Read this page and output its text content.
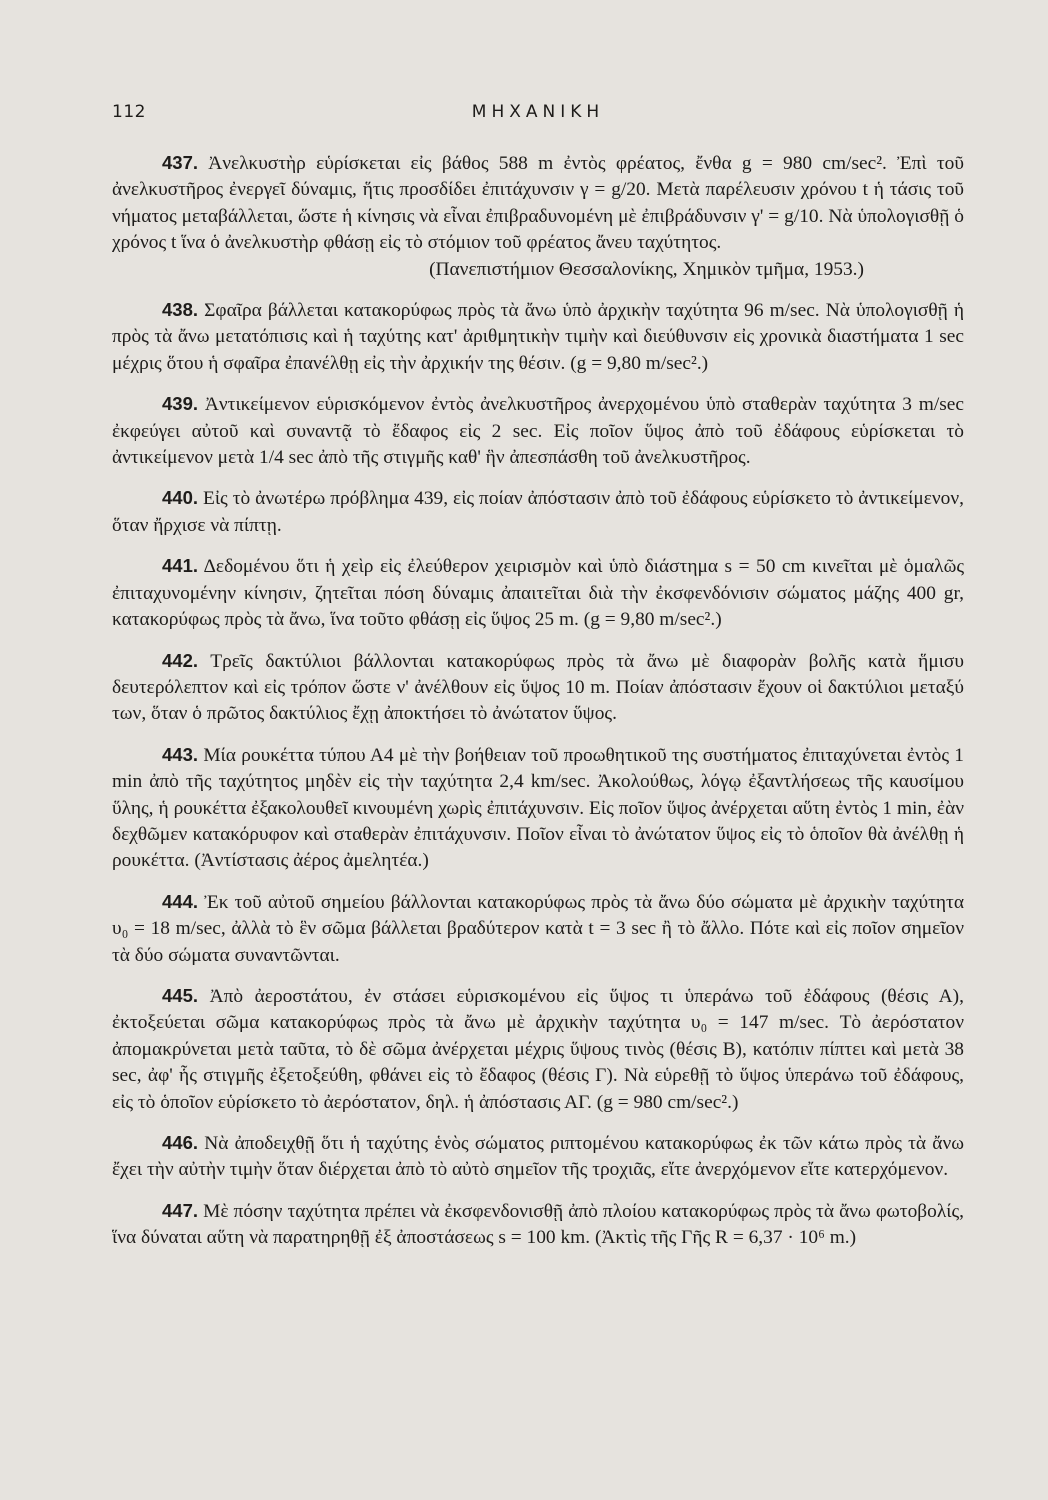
112	ΜΗΧΑΝΙΚΗ

437. Ἀνελκυστὴρ εὑρίσκεται εἰς βάθος 588 m ἐντὸς φρέατος, ἔνθα g = 980 cm/sec². Ἐπὶ τοῦ ἀνελκυστῆρος ἐνεργεῖ δύναμις, ἥτις προσδίδει ἐπιτάχυνσιν γ = g/20. Μετὰ παρέλευσιν χρόνου t ἡ τάσις τοῦ νήματος μεταβάλλεται, ὥστε ἡ κίνησις νὰ εἶναι ἐπιβραδυνομένη μὲ ἐπιβράδυνσιν γ' = g/10. Νὰ ὑπολογισθῇ ὁ χρόνος t ἵνα ὁ ἀνελκυστὴρ φθάσῃ εἰς τὸ στόμιον τοῦ φρέατος ἄνευ ταχύτητος.
(Πανεπιστήμιον Θεσσαλονίκης, Χημικὸν τμῆμα, 1953.)

438. Σφαῖρα βάλλεται κατακορύφως πρὸς τὰ ἄνω ὑπὸ ἀρχικὴν ταχύτητα 96 m/sec. Νὰ ὑπολογισθῇ ἡ πρὸς τὰ ἄνω μετατόπισις καὶ ἡ ταχύτης κατ' ἀριθμητικὴν τιμὴν καὶ διεύθυνσιν εἰς χρονικὰ διαστήματα 1 sec μέχρις ὅτου ἡ σφαῖρα ἐπανέλθῃ εἰς τὴν ἀρχικήν της θέσιν. (g = 9,80 m/sec².)

439. Ἀντικείμενον εὑρισκόμενον ἐντὸς ἀνελκυστῆρος ἀνερχομένου ὑπὸ σταθερὰν ταχύτητα 3 m/sec ἐκφεύγει αὐτοῦ καὶ συναντᾷ τὸ ἔδαφος εἰς 2 sec. Εἰς ποῖον ὕψος ἀπὸ τοῦ ἐδάφους εὑρίσκεται τὸ ἀντικείμενον μετὰ 1/4 sec ἀπὸ τῆς στιγμῆς καθ' ἣν ἀπεσπάσθη τοῦ ἀνελκυστῆρος.

440. Εἰς τὸ ἀνωτέρω πρόβλημα 439, εἰς ποίαν ἀπόστασιν ἀπὸ τοῦ ἐδάφους εὑρίσκετο τὸ ἀντικείμενον, ὅταν ἤρχισε νὰ πίπτῃ.

441. Δεδομένου ὅτι ἡ χεὶρ εἰς ἐλεύθερον χειρισμὸν καὶ ὑπὸ διάστημα s = 50 cm κινεῖται μὲ ὁμαλῶς ἐπιταχυνομένην κίνησιν, ζητεῖται πόση δύναμις ἀπαιτεῖται διὰ τὴν ἐκσφενδόνισιν σώματος μάζης 400 gr, κατακορύφως πρὸς τὰ ἄνω, ἵνα τοῦτο φθάσῃ εἰς ὕψος 25 m. (g = 9,80 m/sec².)

442. Τρεῖς δακτύλιοι βάλλονται κατακορύφως πρὸς τὰ ἄνω μὲ διαφορὰν βολῆς κατὰ ἥμισυ δευτερόλεπτον καὶ εἰς τρόπον ὥστε ν' ἀνέλθουν εἰς ὕψος 10 m. Ποίαν ἀπόστασιν ἔχουν οἱ δακτύλιοι μεταξύ των, ὅταν ὁ πρῶτος δακτύλιος ἔχῃ ἀποκτήσει τὸ ἀνώτατον ὕψος.

443. Μία ρουκέττα τύπου Α4 μὲ τὴν βοήθειαν τοῦ προωθητικοῦ της συστήματος ἐπιταχύνεται ἐντὸς 1 min ἀπὸ τῆς ταχύτητος μηδὲν εἰς τὴν ταχύτητα 2,4 km/sec. Ἀκολούθως, λόγῳ ἐξαντλήσεως τῆς καυσίμου ὕλης, ἡ ρουκέττα ἐξακολουθεῖ κινουμένη χωρὶς ἐπιτάχυνσιν. Εἰς ποῖον ὕψος ἀνέρχεται αὕτη ἐντὸς 1 min, ἐὰν δεχθῶμεν κατακόρυφον καὶ σταθερὰν ἐπιτάχυνσιν. Ποῖον εἶναι τὸ ἀνώτατον ὕψος εἰς τὸ ὁποῖον θὰ ἀνέλθῃ ἡ ρουκέττα. (Ἀντίστασις ἀέρος ἀμελητέα.)

444. Ἐκ τοῦ αὐτοῦ σημείου βάλλονται κατακορύφως πρὸς τὰ ἄνω δύο σώματα μὲ ἀρχικὴν ταχύτητα υ₀ = 18 m/sec, ἀλλὰ τὸ ἓν σῶμα βάλλεται βραδύτερον κατὰ t = 3 sec ἢ τὸ ἄλλο. Πότε καὶ εἰς ποῖον σημεῖον τὰ δύο σώματα συναντῶνται.

445. Ἀπὸ ἀεροστάτου, ἐν στάσει εὑρισκομένου εἰς ὕψος τι ὑπεράνω τοῦ ἐδάφους (θέσις Α), ἐκτοξεύεται σῶμα κατακορύφως πρὸς τὰ ἄνω μὲ ἀρχικὴν ταχύτητα υ₀ = 147 m/sec. Τὸ ἀερόστατον ἀπομακρύνεται μετὰ ταῦτα, τὸ δὲ σῶμα ἀνέρχεται μέχρις ὕψους τινὸς (θέσις Β), κατόπιν πίπτει καὶ μετὰ 38 sec, ἀφ' ἧς στιγμῆς ἐξετοξεύθη, φθάνει εἰς τὸ ἔδαφος (θέσις Γ). Νὰ εὑρεθῇ τὸ ὕψος ὑπεράνω τοῦ ἐδάφους, εἰς τὸ ὁποῖον εὑρίσκετο τὸ ἀερόστατον, δηλ. ἡ ἀπόστασις ΑΓ. (g = 980 cm/sec².)

446. Νὰ ἀποδειχθῇ ὅτι ἡ ταχύτης ἑνὸς σώματος ριπτομένου κατακορύφως ἐκ τῶν κάτω πρὸς τὰ ἄνω ἔχει τὴν αὐτὴν τιμὴν ὅταν διέρχεται ἀπὸ τὸ αὐτὸ σημεῖον τῆς τροχιᾶς, εἴτε ἀνερχόμενον εἴτε κατερχόμενον.

447. Μὲ πόσην ταχύτητα πρέπει νὰ ἐκσφενδονισθῇ ἀπὸ πλοίου κατακορύφως πρὸς τὰ ἄνω φωτοβολίς, ἵνα δύναται αὕτη νὰ παρατηρηθῇ ἐξ ἀποστάσεως s = 100 km. (Ἀκτὶς τῆς Γῆς R = 6,37 · 10⁶ m.)
